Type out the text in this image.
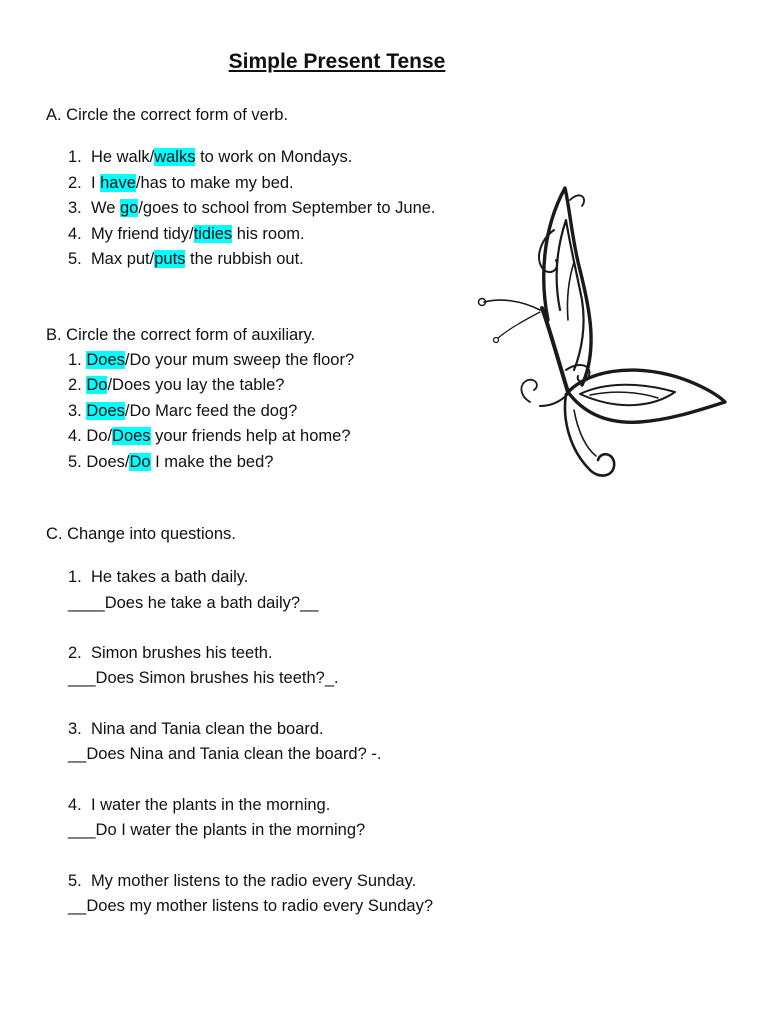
Simple Present Tense
A. Circle the correct form of verb.
1. He walk/walks to work on Mondays.
2. I have/has to make my bed.
3. We go/goes to school from September to June.
4. My friend tidy/tidies his room.
5. Max put/puts the rubbish out.
B. Circle the correct form of auxiliary.
1. Does/Do your mum sweep the floor?
2. Do/Does you lay the table?
3. Does/Do Marc feed the dog?
4. Do/Does your friends help at home?
5. Does/Do I make the bed?
C. Change into questions.
1. He takes a bath daily.
____Does he take a bath daily?__
2. Simon brushes his teeth.
___Does Simon brushes his teeth?_.
3. Nina and Tania clean the board.
__Does Nina and Tania clean the board? -.
4. I water the plants in the morning.
___Do I water the plants in the morning?
5. My mother listens to the radio every Sunday.
__Does my mother listens to radio every Sunday?
